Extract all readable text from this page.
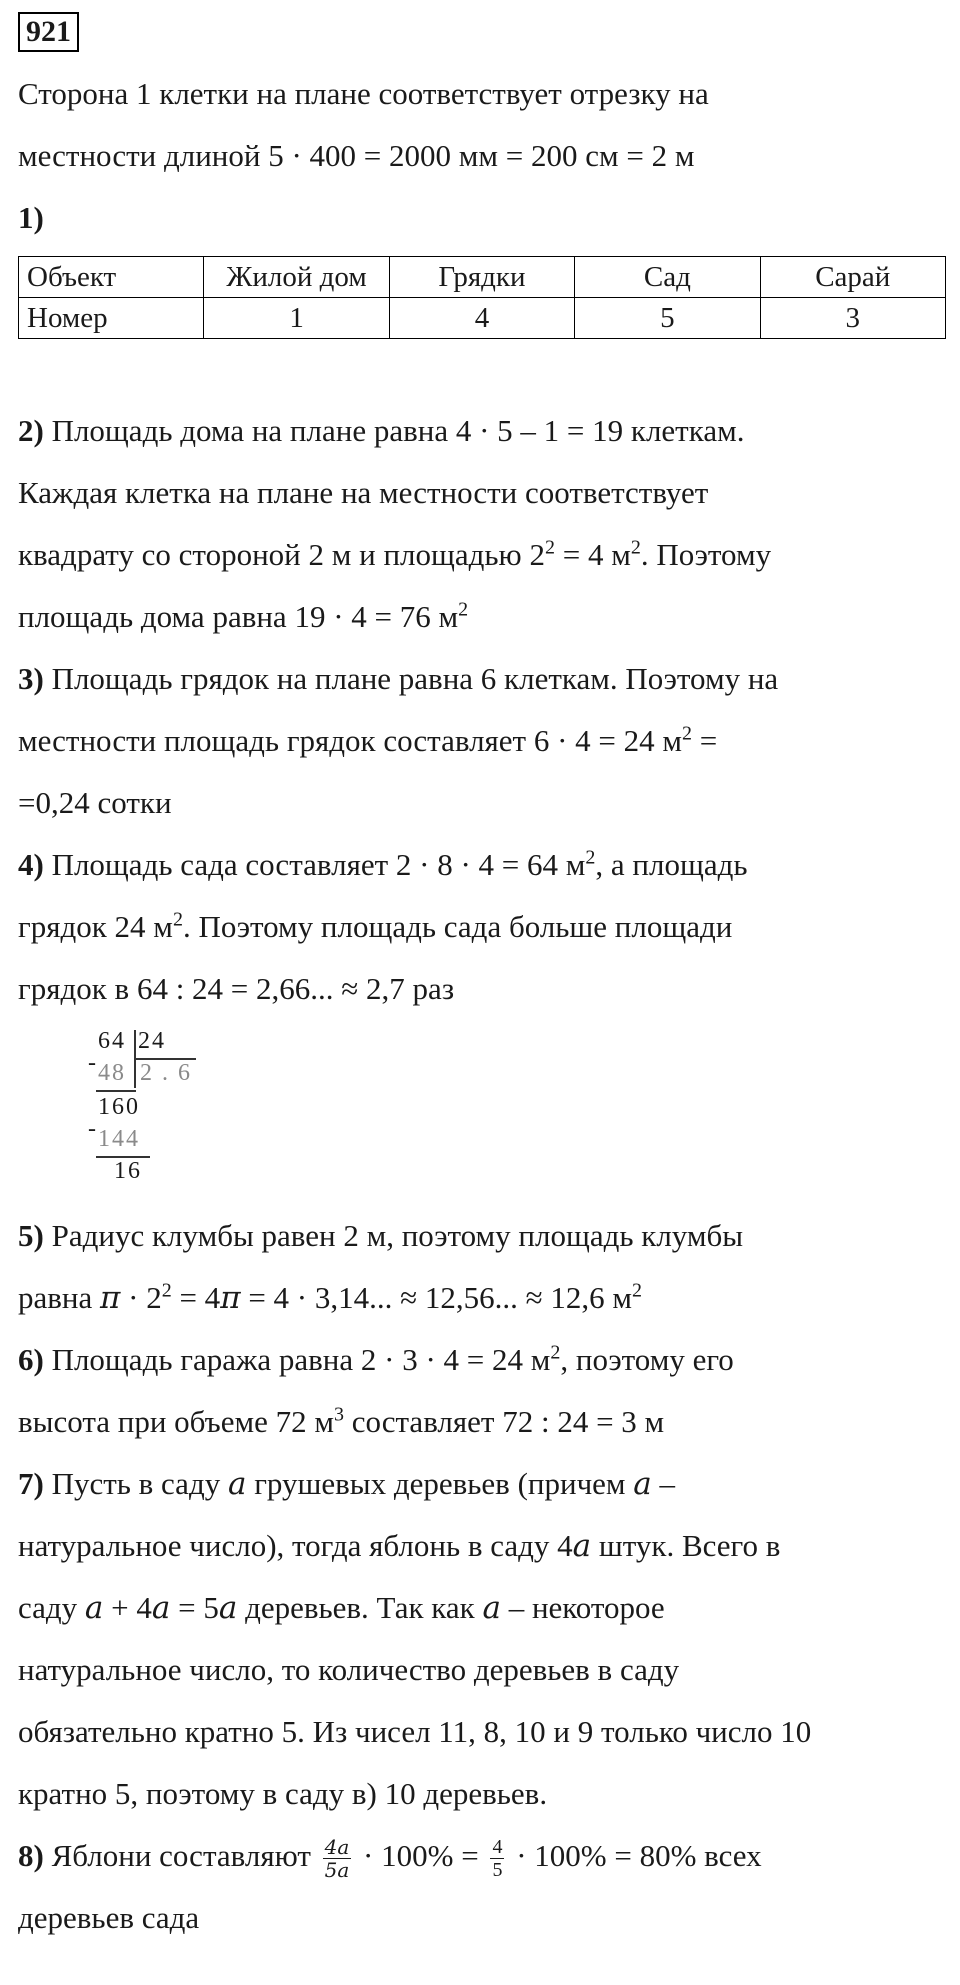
921
Сторона 1 клетки на плане соответствует отрезку на
местности длиной 5 · 400 = 2000 мм = 200 см = 2 м
1)
Объект	Жилой дом	Грядки	Сад	Сарай
Номер	1	4	5	3
2) Площадь дома на плане равна 4 · 5 – 1 = 19 клеткам.
Каждая клетка на плане на местности соответствует
квадрату со стороной 2 м и площадью $2^2 = 4$ $м^2$. Поэтому
площадь дома равна 19 · 4 = 76 $м^2$
3) Площадь грядок на плане равна 6 клеткам. Поэтому на
местности площадь грядок составляет 6 · 4 = 24 $м^2$ =
=0,24 сотки
4) Площадь сада составляет 2 · 8 · 4 = 64 $м^2$, а площадь
грядок 24 $м^2$. Поэтому площадь сада больше площади
грядок в 64 : 24 = 2,66... ≈ 2,7 раз
64 24
- 48 2 . 6
160
- 144
16
5) Радиус клумбы равен 2 м, поэтому площадь клумбы
равна $\pi \cdot 2^2 = 4\pi = 4 \cdot 3,14$... ≈ 12,56... ≈ 12,6 $м^2$
6) Площадь гаража равна 2 · 3 · 4 = 24 $м^2$, поэтому его
высота при объеме 72 $м^3$ составляет 72 : 24 = 3 м
7) Пусть в саду a грушевых деревьев (причем a –
натуральное число), тогда яблонь в саду 4a штук. Всего в
саду a + 4a = 5a деревьев. Так как a – некоторое
натуральное число, то количество деревьев в саду
обязательно кратно 5. Из чисел 11, 8, 10 и 9 только число 10
кратно 5, поэтому в саду в) 10 деревьев.
8) Яблони составляют $\frac{4a}{5a} \cdot 100\% = \frac{4}{5} \cdot 100\% = 80\%$ всех
деревьев сада
